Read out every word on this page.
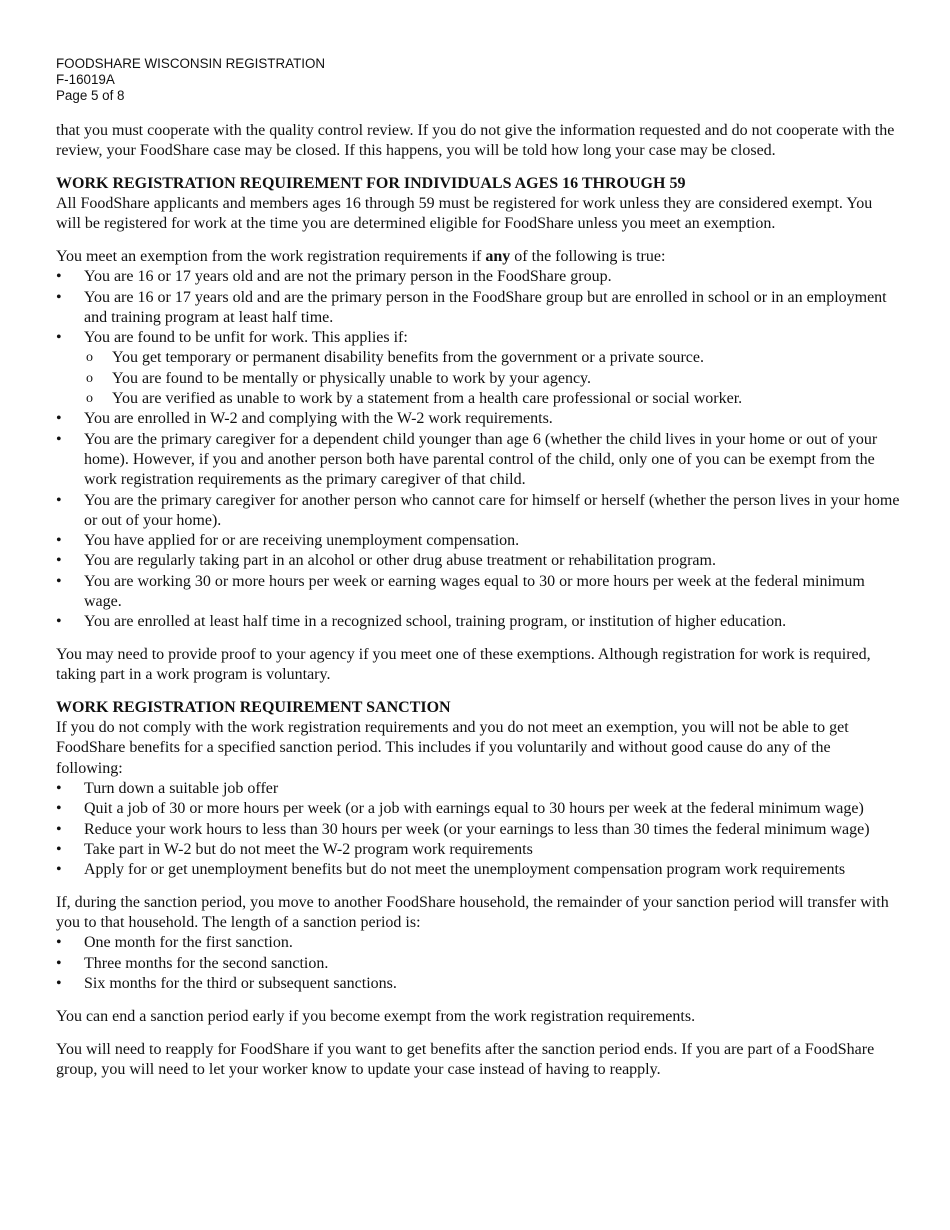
FOODSHARE WISCONSIN REGISTRATION
F-16019A
Page 5 of 8

that you must cooperate with the quality control review. If you do not give the information requested and do not cooperate with the review, your FoodShare case may be closed. If this happens, you will be told how long your case may be closed.

WORK REGISTRATION REQUIREMENT FOR INDIVIDUALS AGES 16 THROUGH 59

All FoodShare applicants and members ages 16 through 59 must be registered for work unless they are considered exempt. You will be registered for work at the time you are determined eligible for FoodShare unless you meet an exemption.

You meet an exemption from the work registration requirements if any of the following is true:

• You are 16 or 17 years old and are not the primary person in the FoodShare group.
• You are 16 or 17 years old and are the primary person in the FoodShare group but are enrolled in school or in an employment and training program at least half time.
• You are found to be unfit for work. This applies if:
o You get temporary or permanent disability benefits from the government or a private source.
o You are found to be mentally or physically unable to work by your agency.
o You are verified as unable to work by a statement from a health care professional or social worker.
• You are enrolled in W-2 and complying with the W-2 work requirements.
• You are the primary caregiver for a dependent child younger than age 6 (whether the child lives in your home or out of your home). However, if you and another person both have parental control of the child, only one of you can be exempt from the work registration requirements as the primary caregiver of that child.
• You are the primary caregiver for another person who cannot care for himself or herself (whether the person lives in your home or out of your home).
• You have applied for or are receiving unemployment compensation.
• You are regularly taking part in an alcohol or other drug abuse treatment or rehabilitation program.
• You are working 30 or more hours per week or earning wages equal to 30 or more hours per week at the federal minimum wage.
• You are enrolled at least half time in a recognized school, training program, or institution of higher education.

You may need to provide proof to your agency if you meet one of these exemptions. Although registration for work is required, taking part in a work program is voluntary.

WORK REGISTRATION REQUIREMENT SANCTION

If you do not comply with the work registration requirements and you do not meet an exemption, you will not be able to get FoodShare benefits for a specified sanction period. This includes if you voluntarily and without good cause do any of the following:

• Turn down a suitable job offer
• Quit a job of 30 or more hours per week (or a job with earnings equal to 30 hours per week at the federal minimum wage)
• Reduce your work hours to less than 30 hours per week (or your earnings to less than 30 times the federal minimum wage)
• Take part in W-2 but do not meet the W-2 program work requirements
• Apply for or get unemployment benefits but do not meet the unemployment compensation program work requirements

If, during the sanction period, you move to another FoodShare household, the remainder of your sanction period will transfer with you to that household. The length of a sanction period is:

• One month for the first sanction.
• Three months for the second sanction.
• Six months for the third or subsequent sanctions.

You can end a sanction period early if you become exempt from the work registration requirements.

You will need to reapply for FoodShare if you want to get benefits after the sanction period ends. If you are part of a FoodShare group, you will need to let your worker know to update your case instead of having to reapply.
